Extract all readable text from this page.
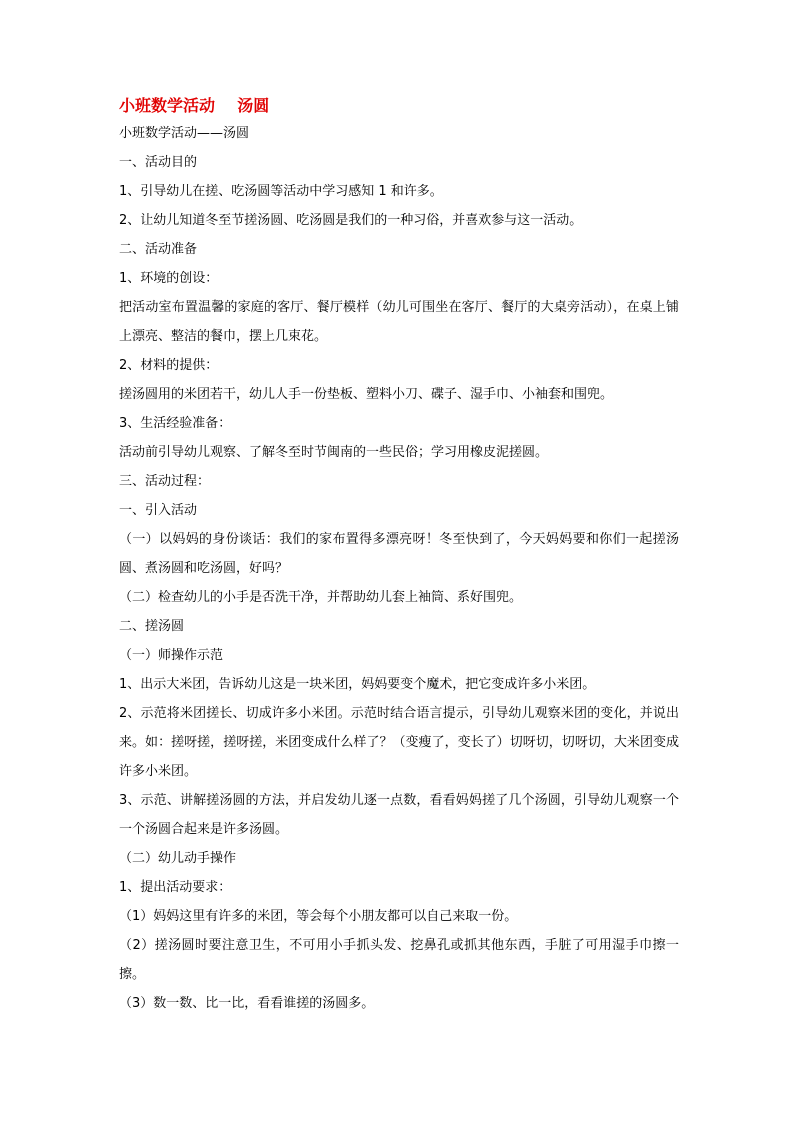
小班数学活动    汤圆

小班数学活动——汤圆

一、活动目的

1、引导幼儿在搓、吃汤圆等活动中学习感知 1 和许多。

2、让幼儿知道冬至节搓汤圆、吃汤圆是我们的一种习俗，并喜欢参与这一活动。

二、活动准备

1、环境的创设：

把活动室布置温馨的家庭的客厅、餐厅模样（幼儿可围坐在客厅、餐厅的大桌旁活动），在桌上铺上漂亮、整洁的餐巾，摆上几束花。

2、材料的提供：

搓汤圆用的米团若干，幼儿人手一份垫板、塑料小刀、碟子、湿手巾、小袖套和围兜。

3、生活经验准备：

活动前引导幼儿观察、了解冬至时节闽南的一些民俗；学习用橡皮泥搓圆。

三、活动过程：

一、引入活动

（一）以妈妈的身份谈话：我们的家布置得多漂亮呀！冬至快到了，今天妈妈要和你们一起搓汤圆、煮汤圆和吃汤圆，好吗？

（二）检查幼儿的小手是否洗干净，并帮助幼儿套上袖筒、系好围兜。

二、搓汤圆

（一）师操作示范

1、出示大米团，告诉幼儿这是一块米团，妈妈要变个魔术，把它变成许多小米团。

2、示范将米团搓长、切成许多小米团。示范时结合语言提示，引导幼儿观察米团的变化，并说出来。如：搓呀搓，搓呀搓，米团变成什么样了？（变瘦了，变长了）切呀切，切呀切，大米团变成许多小米团。

3、示范、讲解搓汤圆的方法，并启发幼儿逐一点数，看看妈妈搓了几个汤圆，引导幼儿观察一个一个汤圆合起来是许多汤圆。

（二）幼儿动手操作

1、提出活动要求：

（1）妈妈这里有许多的米团，等会每个小朋友都可以自己来取一份。

（2）搓汤圆时要注意卫生，不可用小手抓头发、挖鼻孔或抓其他东西，手脏了可用湿手巾擦一擦。

（3）数一数、比一比，看看谁搓的汤圆多。
